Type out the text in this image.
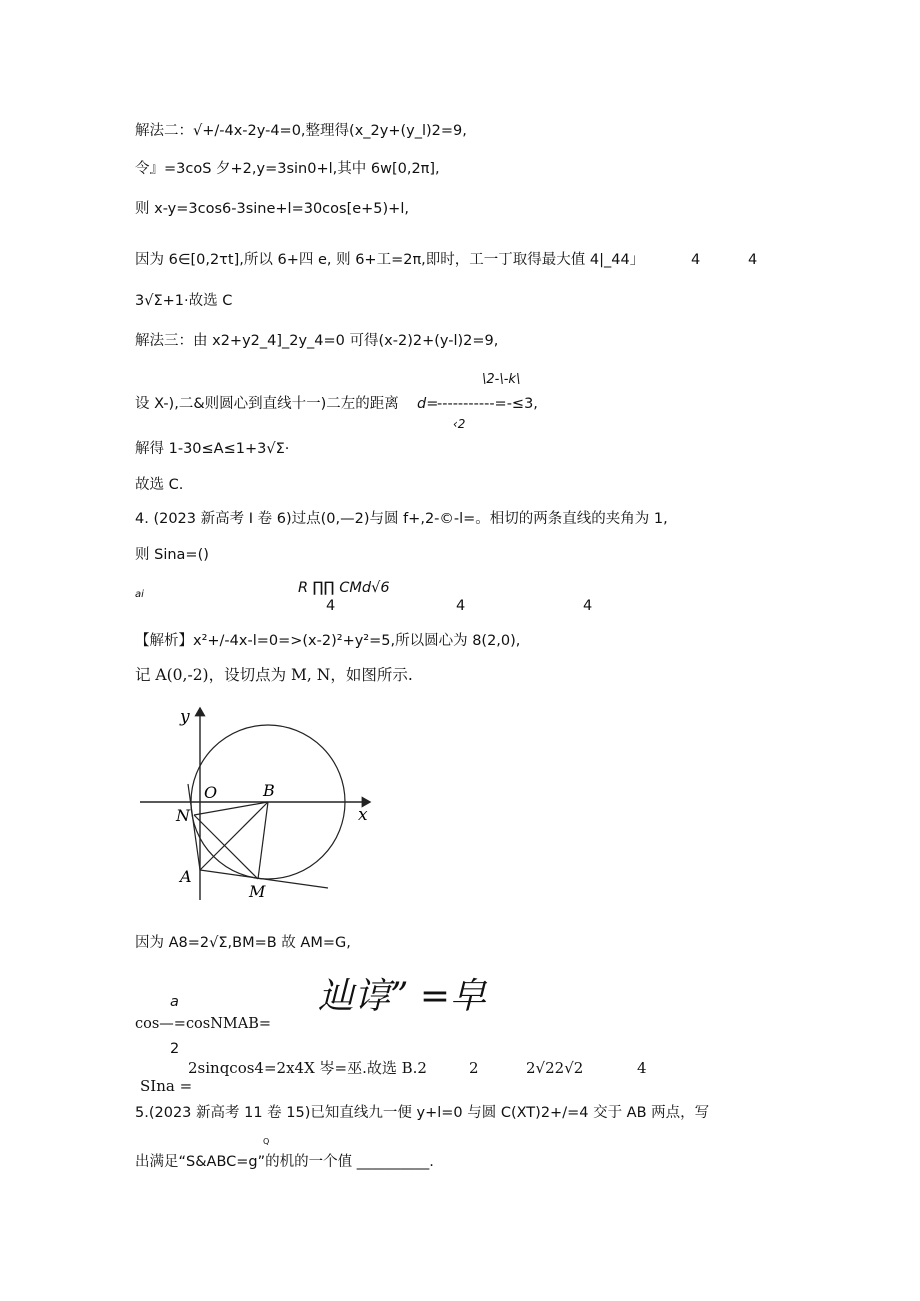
解法二：√+/-4x-2y-4=0,整理得(x_2y+(y_l)2=9,
令』=3coS 夕+2,y=3sin0+l,其中 6w[0,2π],
则 x-y=3cos6-3sine+l=30cos[e+5)+l,
因为 6∈[0,2τt],所以 6+四 e, 则 6+工=2π,即时，工一丁取得最大值 4|_44」	4	4
3√Σ+1·故选 C
解法三：由 x2+y2_4]_2y_4=0 可得(x-2)2+(y-l)2=9,
\2-\-k\
设 X-),二&则圆心到直线十一)二左的距离 d=
-----------=-≤3,
‹2
解得 1-30≤A≤1+3√Σ·
故选 C.
4. (2023 新高考 I 卷 6)过点(0,—2)与圆 f+,2-©-l=。相切的两条直线的夹角为 1,
则 Sina=()
ai	R ∏∏ CMd√6
4	4	4
【解析】x²+/-4x-l=0=>(x-2)²+y²=5,所以圆心为 8(2,0),
记 A(0,-2)，设切点为 M, N，如图所示.
y
x
O	B
N
A
M
因为 A8=2√Σ,BM=B 故 AM=G,
a	辿谆” =皁
cos—=cosNMAB=
2
2sinqcos4=2x4X 岑=巫.故选 B.2	2	2√22√2	4
SIna =
5.(2023 新高考 11 卷 15)已知直线九一便 y+l=0 与圆 C(XT)2+/=4 交于 AB 两点，写
Q
出满足“S&ABC=g”的机的一个值 __________.
